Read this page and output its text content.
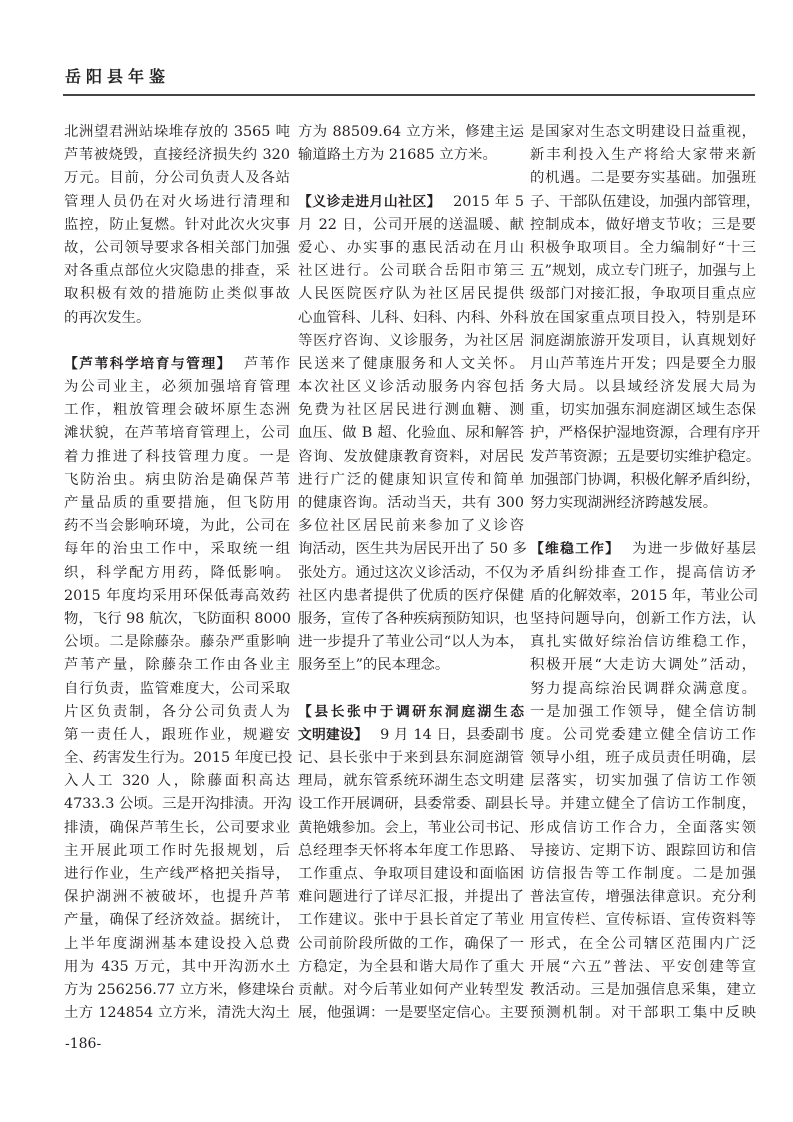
岳阳县年鉴
北洲望君洲站垛堆存放的 3565 吨
芦苇被烧毁，直接经济损失约 320
万元。目前，分公司负责人及各站
管理人员仍在对火场进行清理和
监控，防止复燃。针对此次火灾事
故，公司领导要求各相关部门加强
对各重点部位火灾隐患的排查，采
取积极有效的措施防止类似事故
的再次发生。
【芦苇科学培育与管理】 芦苇作
为公司业主，必须加强培育管理
工作，粗放管理会破坏原生态洲
滩状貌，在芦苇培育管理上，公司
着力推进了科技管理力度。一是
飞防治虫。病虫防治是确保芦苇
产量品质的重要措施，但飞防用
药不当会影响环境，为此，公司在
每年的治虫工作中，采取统一组
织，科学配方用药，降低影响。
2015 年度均采用环保低毒高效药
物，飞行 98 航次，飞防面积 8000
公顷。二是除藤杂。藤杂严重影响
芦苇产量，除藤杂工作由各业主
自行负责，监管难度大，公司采取
片区负责制，各分公司负责人为
第一责任人，跟班作业，规避安
全、药害发生行为。2015 年度已投
入人工 320 人，除藤面积高达
4733.3 公顷。三是开沟排渍。开沟
排渍，确保芦苇生长，公司要求业
主开展此项工作时先报规划，后
进行作业，生产线严格把关指导，
保护湖洲不被破坏，也提升芦苇
产量，确保了经济效益。据统计，
上半年度湖洲基本建设投入总费
用为 435 万元，其中开沟沥水土
方为 256256.77 立方米，修建垛台
土方 124854 立方米，清洗大沟土
方为 88509.64 立方米，修建主运
输道路土方为 21685 立方米。
【义诊走进月山社区】 2015 年 5
月 22 日，公司开展的送温暖、献
爱心、办实事的惠民活动在月山
社区进行。公司联合岳阳市第三
人民医院医疗队为社区居民提供
心血管科、儿科、妇科、内科、外科
等医疗咨询、义诊服务，为社区居
民送来了健康服务和人文关怀。
本次社区义诊活动服务内容包括
免费为社区居民进行测血糖、测
血压、做 B 超、化验血、尿和解答
咨询、发放健康教育资料，对居民
进行广泛的健康知识宣传和简单
的健康咨询。活动当天，共有 300
多位社区居民前来参加了义诊咨
询活动，医生共为居民开出了 50 多
张处方。通过这次义诊活动，不仅为
社区内患者提供了优质的医疗保健
服务，宣传了各种疾病预防知识，也
进一步提升了苇业公司“以人为本，
服务至上”的民本理念。
【县长张中于调研东洞庭湖生态
文明建设】 9 月 14 日，县委副书
记、县长张中于来到县东洞庭湖管
理局，就东管系统环湖生态文明建
设工作开展调研，县委常委、副县长
黄艳娥参加。会上，苇业公司书记、
总经理李天怀将本年度工作思路、
工作重点、争取项目建设和面临困
难问题进行了详尽汇报，并提出了
工作建议。张中于县长首定了苇业
公司前阶段所做的工作，确保了一
方稳定，为全县和谐大局作了重大
贡献。对今后苇业如何产业转型发
展，他强调：一是要坚定信心。主要
是国家对生态文明建设日益重视，
新丰利投入生产将给大家带来新
的机遇。二是要夯实基础。加强班
子、干部队伍建设，加强内部管理，
控制成本，做好增支节收；三是要
积极争取项目。全力编制好“十三
五”规划，成立专门班子，加强与上
级部门对接汇报，争取项目重点应
放在国家重点项目投入，特别是环
洞庭湖旅游开发项目，认真规划好
月山芦苇连片开发；四是要全力服
务大局。以县域经济发展大局为
重，切实加强东洞庭湖区域生态保
护，严格保护湿地资源，合理有序开
发芦苇资源；五是要切实维护稳定。
加强部门协调，积极化解矛盾纠纷，
努力实现湖洲经济跨越发展。
【维稳工作】 为进一步做好基层
矛盾纠纷排查工作，提高信访矛
盾的化解效率，2015 年，苇业公司
坚持问题导向，创新工作方法，认
真扎实做好综治信访维稳工作，
积极开展“大走访大调处”活动，
努力提高综治民调群众满意度。
一是加强工作领导，健全信访制
度。公司党委建立健全信访工作
领导小组，班子成员责任明确，层
层落实，切实加强了信访工作领
导。并建立健全了信访工作制度，
形成信访工作合力，全面落实领
导接访、定期下访、跟踪回访和信
访信报告等工作制度。二是加强
普法宣传，增强法律意识。充分利
用宣传栏、宣传标语、宣传资料等
形式，在全公司辖区范围内广泛
开展“六五”普法、平安创建等宣
教活动。三是加强信息采集，建立
预测机制。对干部职工集中反映
-186-
